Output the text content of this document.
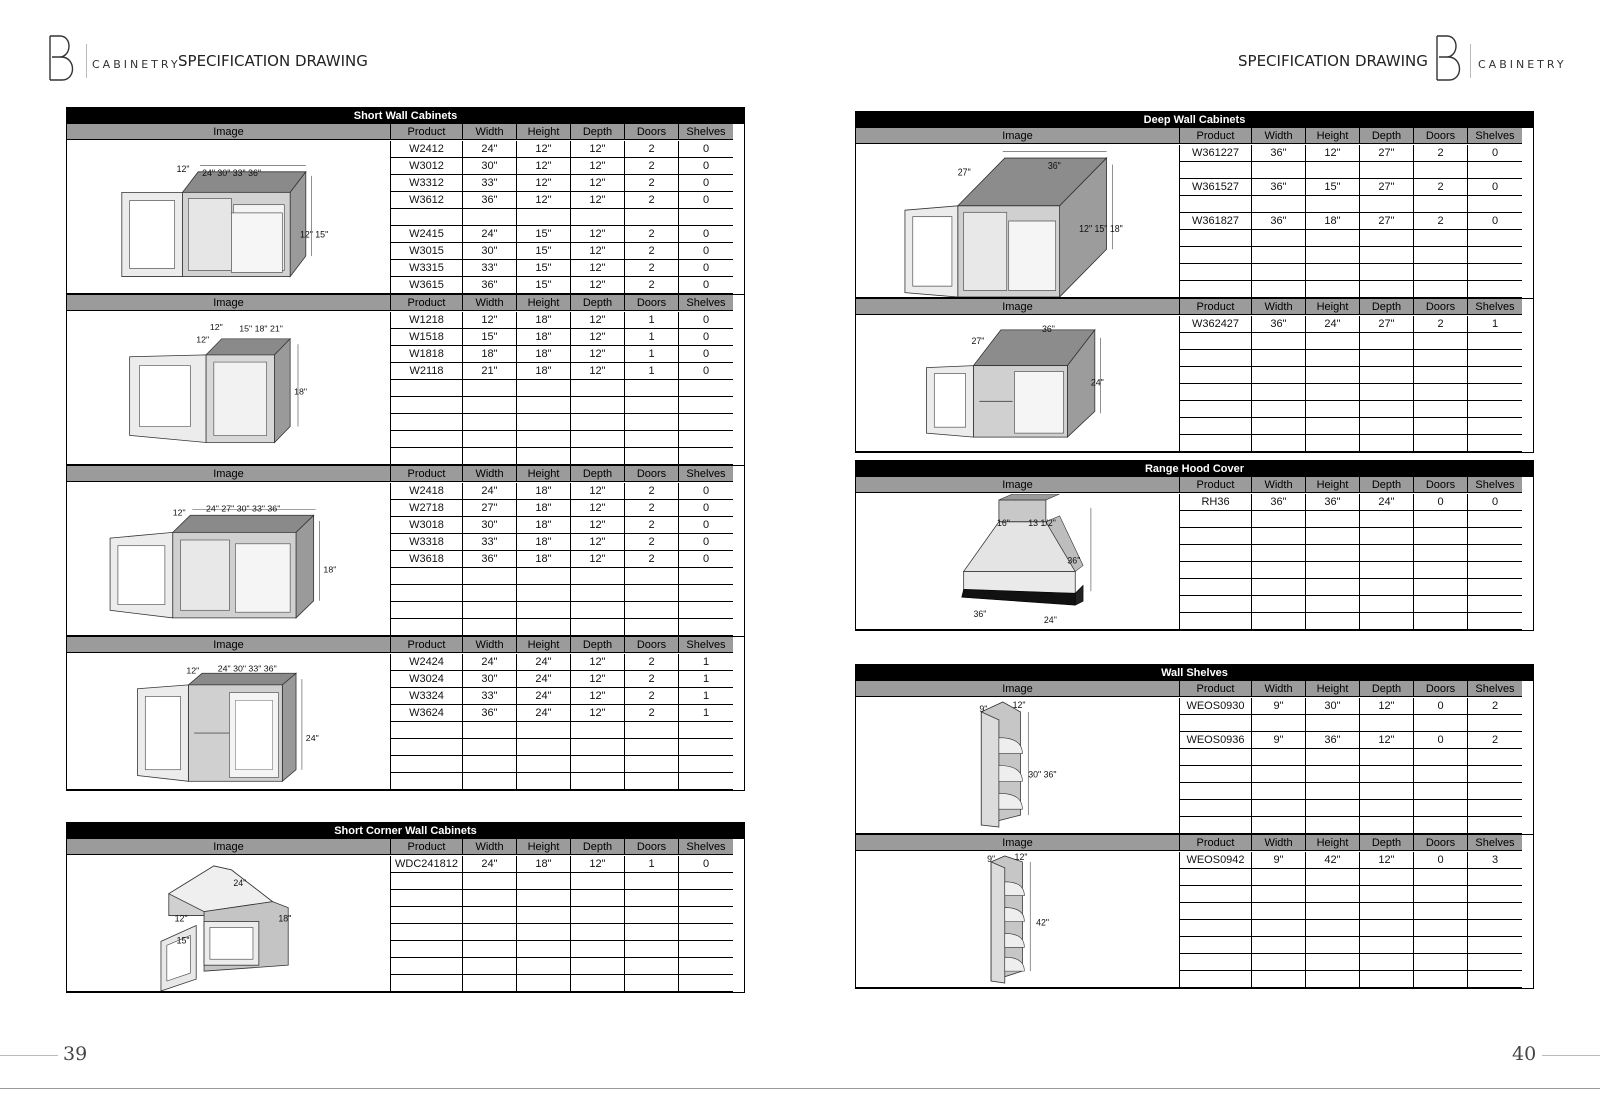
CABINETRY
SPECIFICATION DRAWING	SPECIFICATION DRAWING	CABINETRY
39	40
Short Wall Cabinets
Image	Product	Width	Height	Depth	Doors	Shelves
12" 24" 30" 33" 36"
12" 15"
W2412	24"	12"	12"	2	0
W3012	30"	12"	12"	2	0
W3312	33"	12"	12"	2	0
W3612	36"	12"	12"	2	0
W2415	24"	15"	12"	2	0
W3015	30"	15"	12"	2	0
W3315	33"	15"	12"	2	0
W3615	36"	15"	12"	2	0
Image	Product	Width	Height	Depth	Doors	Shelves
12"
12"
15" 18" 21"
18"
W1218	12"	18"	12"	1	0
W1518	15"	18"	12"	1	0
W1818	18"	18"	12"	1	0
W2118	21"	18"	12"	1	0
Image	Product	Width	Height	Depth	Doors	Shelves
12" 24" 27" 30" 33" 36"
18"
W2418	24"	18"	12"	2	0
W2718	27"	18"	12"	2	0
W3018	30"	18"	12"	2	0
W3318	33"	18"	12"	2	0
W3618	36"	18"	12"	2	0
Image	Product	Width	Height	Depth	Doors	Shelves
12" 24" 30" 33" 36"
24"
W2424	24"	24"	12"	2	1
W3024	30"	24"	12"	2	1
W3324	33"	24"	12"	2	1
W3624	36"	24"	12"	2	1
Short Corner Wall Cabinets
Image	Product	Width	Height	Depth	Doors	Shelves
24"
12"
15"
18"
WDC241812	24"	18"	12"	1	0
Deep Wall Cabinets
Image	Product	Width	Height	Depth	Doors	Shelves
27"
36"
12" 15" 18"
W361227	36"	12"	27"	2	0
W361527	36"	15"	27"	2	0
W361827	36"	18"	27"	2	0
Image	Product	Width	Height	Depth	Doors	Shelves
27"
36"
24"
W362427	36"	24"	27"	2	1
Range Hood Cover
Image	Product	Width	Height	Depth	Doors	Shelves
16" 13 1/2"
36"
36"
24"
RH36	36"	36"	24"	0	0
Wall Shelves
Image	Product	Width	Height	Depth	Doors	Shelves
9"	12"
30" 36"
WEOS0930	9"	30"	12"	0	2
WEOS0936	9"	36"	12"	0	2
Image	Product	Width	Height	Depth	Doors	Shelves
9" 12"
42"
WEOS0942	9"	42"	12"	0	3
